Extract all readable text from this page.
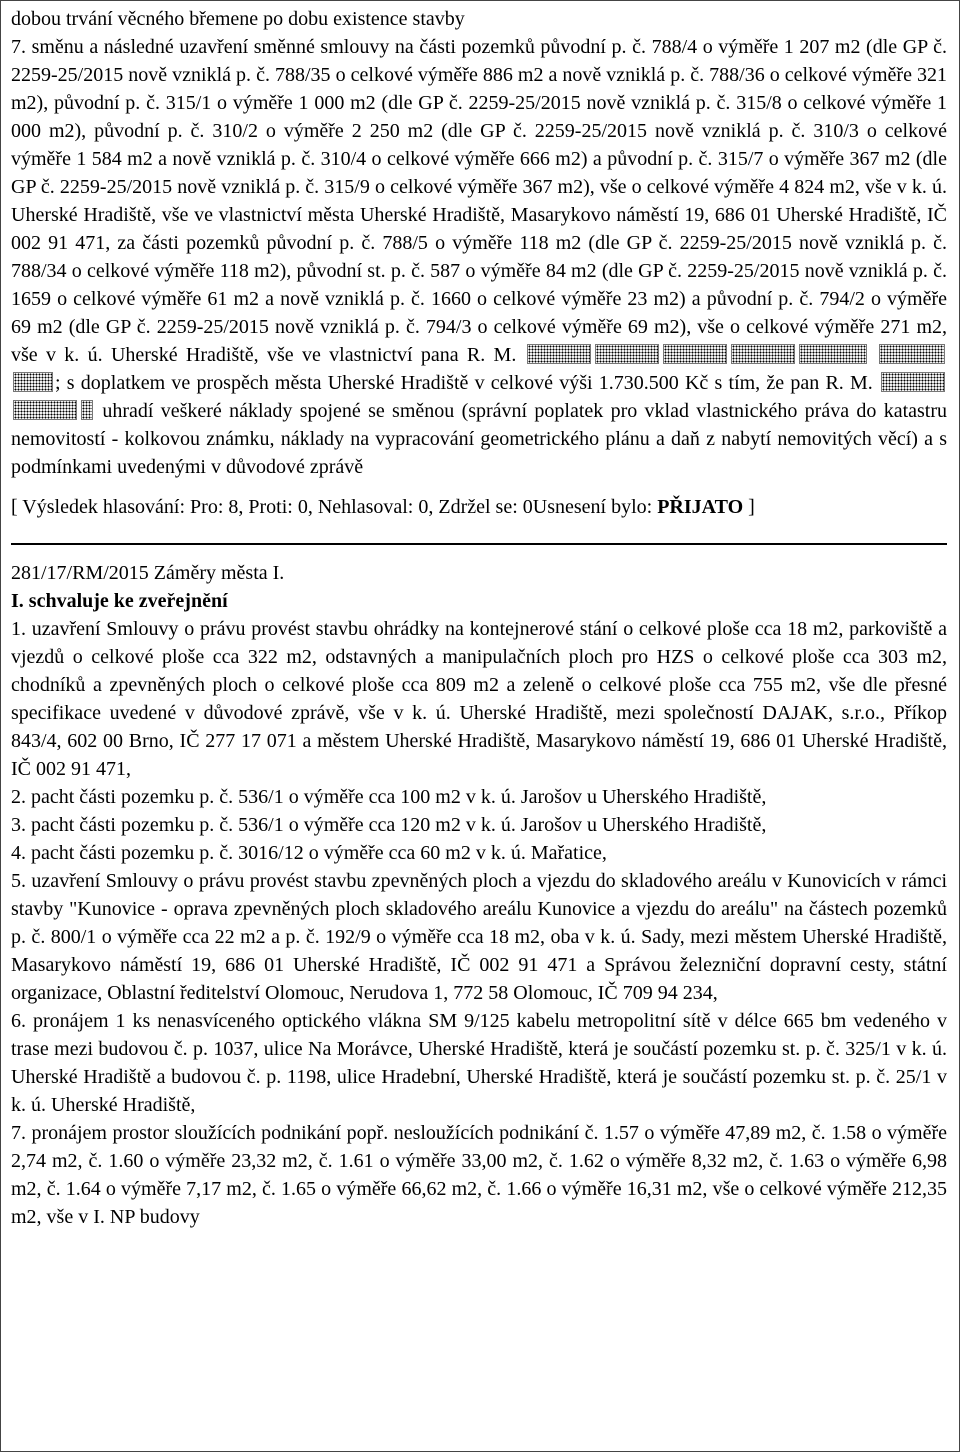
dobou trvání věcného břemene po dobu existence stavby

7. směnu a následné uzavření směnné smlouvy na části pozemků původní p. č. 788/4 o výměře 1 207 m2 (dle GP č. 2259-25/2015 nově vzniklá p. č. 788/35 o celkové výměře 886 m2 a nově vzniklá p. č. 788/36 o celkové výměře 321 m2), původní p. č. 315/1 o výměře 1 000 m2 (dle GP č. 2259-25/2015 nově vzniklá p. č. 315/8 o celkové výměře 1 000 m2), původní p. č. 310/2 o výměře 2 250 m2 (dle GP č. 2259-25/2015 nově vzniklá p. č. 310/3 o celkové výměře 1 584 m2 a nově vzniklá p. č. 310/4 o celkové výměře 666 m2) a původní p. č. 315/7 o výměře 367 m2 (dle GP č. 2259-25/2015 nově vzniklá p. č. 315/9 o celkové výměře 367 m2), vše o celkové výměře 4 824 m2, vše v k. ú. Uherské Hradiště, vše ve vlastnictví města Uherské Hradiště, Masarykovo náměstí 19, 686 01 Uherské Hradiště, IČ 002 91 471, za části pozemků původní p. č. 788/5 o výměře 118 m2 (dle GP č. 2259-25/2015 nově vzniklá p. č. 788/34 o celkové výměře 118 m2), původní st. p. č. 587 o výměře 84 m2 (dle GP č. 2259-25/2015 nově vzniklá p. č. 1659 o celkové výměře 61 m2 a nově vzniklá p. č. 1660 o celkové výměře 23 m2) a původní p. č. 794/2 o výměře 69 m2 (dle GP č. 2259-25/2015 nově vzniklá p. č. 794/3 o celkové výměře 69 m2), vše o celkové výměře 271 m2, vše v k. ú. Uherské Hradiště, vše ve vlastnictví pana R. M.  ; s doplatkem ve prospěch města Uherské Hradiště v celkové výši 1.730.500 Kč s tím, že pan R. M.  uhradí veškeré náklady spojené se směnou (správní poplatek pro vklad vlastnického práva do katastru nemovitostí - kolkovou známku, náklady na vypracování geometrického plánu a daň z nabytí nemovitých věcí) a s podmínkami uvedenými v důvodové zprávě

[ Výsledek hlasování: Pro: 8, Proti: 0, Nehlasoval: 0, Zdržel se: 0Usnesení bylo: PŘIJATO ]

281/17/RM/2015 Záměry města I.

I. schvaluje ke zveřejnění

1. uzavření Smlouvy o právu provést stavbu ohrádky na kontejnerové stání o celkové ploše cca 18 m2, parkoviště a vjezdů o celkové ploše cca 322 m2, odstavných a manipulačních ploch pro HZS o celkové ploše cca 303 m2, chodníků a zpevněných ploch o celkové ploše cca 809 m2 a zeleně o celkové ploše cca 755 m2, vše dle přesné specifikace uvedené v důvodové zprávě, vše v k. ú. Uherské Hradiště, mezi společností DAJAK, s.r.o., Příkop 843/4, 602 00 Brno, IČ 277 17 071 a městem Uherské Hradiště, Masarykovo náměstí 19, 686 01 Uherské Hradiště, IČ 002 91 471,

2. pacht části pozemku p. č. 536/1 o výměře cca 100 m2 v k. ú. Jarošov u Uherského Hradiště,

3. pacht části pozemku p. č. 536/1 o výměře cca 120 m2 v k. ú. Jarošov u Uherského Hradiště,

4. pacht části pozemku p. č. 3016/12 o výměře cca 60 m2 v k. ú. Mařatice,

5. uzavření Smlouvy o právu provést stavbu zpevněných ploch a vjezdu do skladového areálu v Kunovicích v rámci stavby "Kunovice - oprava zpevněných ploch skladového areálu Kunovice a vjezdu do areálu" na částech pozemků p. č. 800/1 o výměře cca 22 m2 a p. č. 192/9 o výměře cca 18 m2, oba v k. ú. Sady, mezi městem Uherské Hradiště, Masarykovo náměstí 19, 686 01 Uherské Hradiště, IČ 002 91 471 a Správou železniční dopravní cesty, státní organizace, Oblastní ředitelství Olomouc, Nerudova 1, 772 58 Olomouc, IČ 709 94 234,

6. pronájem 1 ks nenasvíceného optického vlákna SM 9/125 kabelu metropolitní sítě v délce 665 bm vedeného v trase mezi budovou č. p. 1037, ulice Na Morávce, Uherské Hradiště, která je součástí pozemku st. p. č. 325/1 v k. ú. Uherské Hradiště a budovou č. p. 1198, ulice Hradební, Uherské Hradiště, která je součástí pozemku st. p. č. 25/1 v k. ú. Uherské Hradiště,

7. pronájem prostor sloužících podnikání popř. nesloužících podnikání č. 1.57 o výměře 47,89 m2, č. 1.58 o výměře 2,74 m2, č. 1.60 o výměře 23,32 m2, č. 1.61 o výměře 33,00 m2, č. 1.62 o výměře 8,32 m2, č. 1.63 o výměře 6,98 m2, č. 1.64 o výměře 7,17 m2, č. 1.65 o výměře 66,62 m2, č. 1.66 o výměře 16,31 m2, vše o celkové výměře 212,35 m2, vše v I. NP budovy
